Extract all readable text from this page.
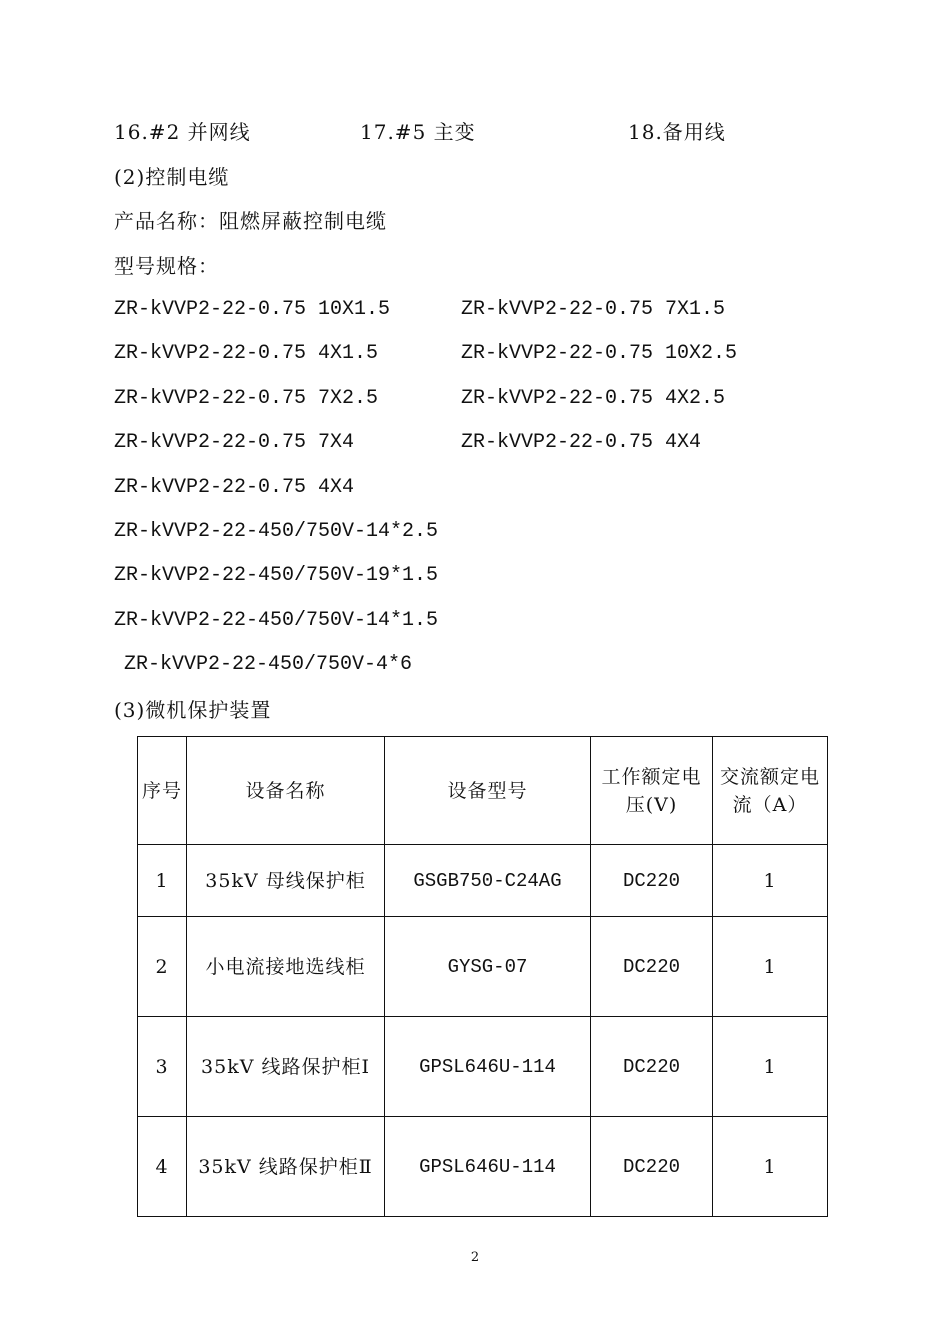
16.#2 并网线	17.#5 主变	18.备用线
(2)控制电缆
产品名称：阻燃屏蔽控制电缆
型号规格：
ZR-kVVP2-22-0.75 10X1.5	ZR-kVVP2-22-0.75 7X1.5
ZR-kVVP2-22-0.75 4X1.5	ZR-kVVP2-22-0.75 10X2.5
ZR-kVVP2-22-0.75 7X2.5	ZR-kVVP2-22-0.75 4X2.5
ZR-kVVP2-22-0.75 7X4	ZR-kVVP2-22-0.75 4X4
ZR-kVVP2-22-0.75 4X4
ZR-kVVP2-22-450/750V-14*2.5
ZR-kVVP2-22-450/750V-19*1.5
ZR-kVVP2-22-450/750V-14*1.5
ZR-kVVP2-22-450/750V-4*6
(3)微机保护装置
序号	设备名称	设备型号	工作额定电压(V)	交流额定电流（A）
1	35kV 母线保护柜	GSGB750-C24AG	DC220	1
2	小电流接地选线柜	GYSG-07	DC220	1
3	35kV 线路保护柜Ⅰ	GPSL646U-114	DC220	1
4	35kV 线路保护柜Ⅱ	GPSL646U-114	DC220	1
2
